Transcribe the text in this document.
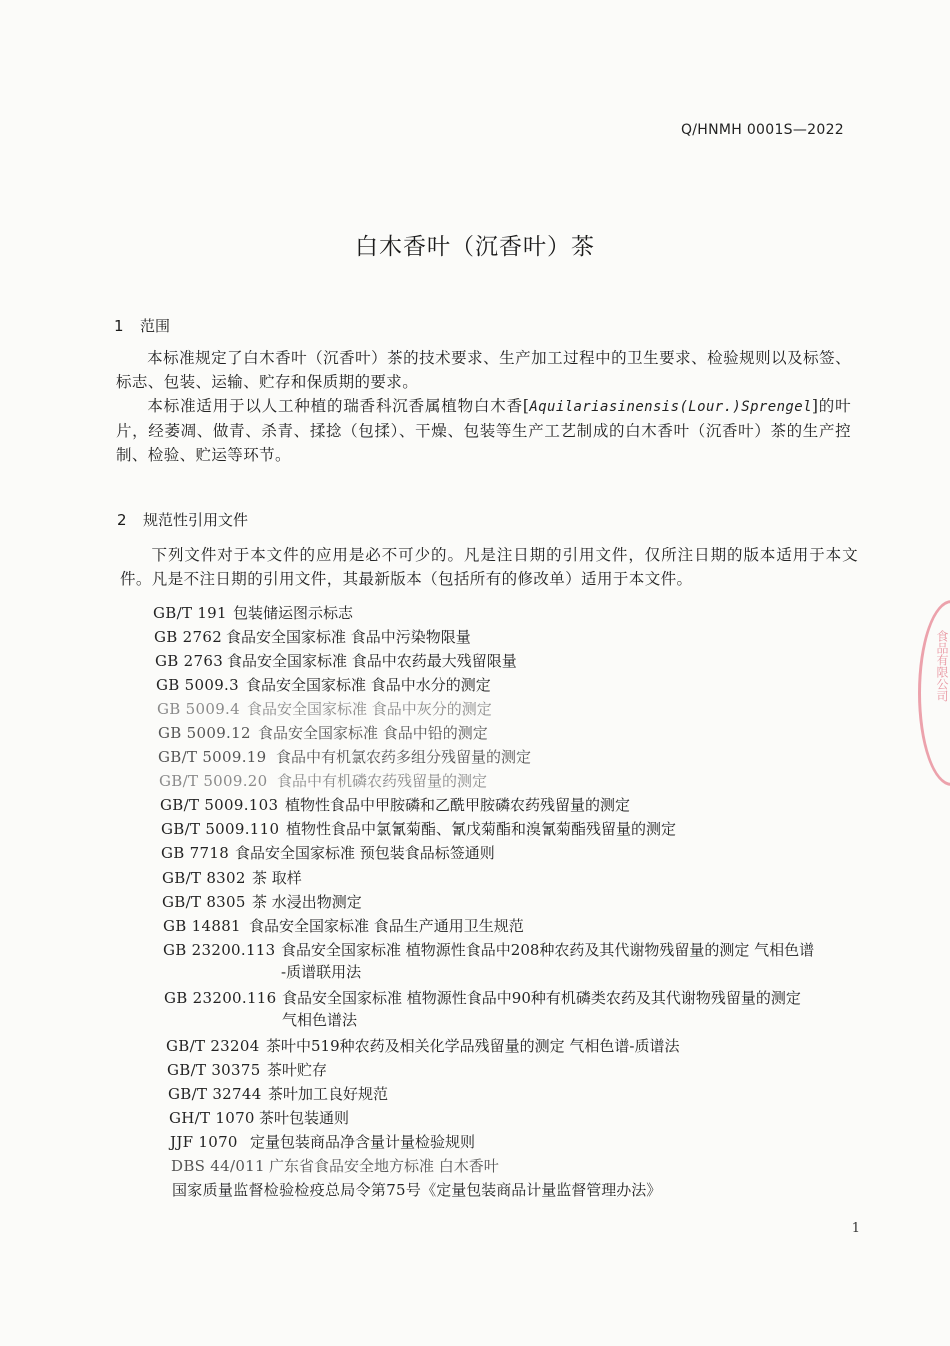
Q/HNMH 0001S—2022
白木香叶（沉香叶）茶
1 范围
本标准规定了白木香叶（沉香叶）茶的技术要求、生产加工过程中的卫生要求、检验规则以及标签、标志、包装、运输、贮存和保质期的要求。
本标准适用于以人工种植的瑞香科沉香属植物白木香[Aquilariasinensis(Lour.)Sprengel]的叶片，经萎凋、做青、杀青、揉捻（包揉）、干燥、包装等生产工艺制成的白木香叶（沉香叶）茶的生产控制、检验、贮运等环节。
2 规范性引用文件
下列文件对于本文件的应用是必不可少的。凡是注日期的引用文件，仅所注日期的版本适用于本文件。凡是不注日期的引用文件，其最新版本（包括所有的修改单）适用于本文件。
GB/T 191 包装储运图示标志
GB 2762 食品安全国家标准 食品中污染物限量
GB 2763 食品安全国家标准 食品中农药最大残留限量
GB 5009.3 食品安全国家标准 食品中水分的测定
GB 5009.4 食品安全国家标准 食品中灰分的测定
GB 5009.12 食品安全国家标准 食品中铅的测定
GB/T 5009.19 食品中有机氯农药多组分残留量的测定
GB/T 5009.20 食品中有机磷农药残留量的测定
GB/T 5009.103 植物性食品中甲胺磷和乙酰甲胺磷农药残留量的测定
GB/T 5009.110 植物性食品中氯氰菊酯、氰戊菊酯和溴氰菊酯残留量的测定
GB 7718 食品安全国家标准 预包装食品标签通则
GB/T 8302 茶 取样
GB/T 8305 茶 水浸出物测定
GB 14881 食品安全国家标准 食品生产通用卫生规范
GB 23200.113 食品安全国家标准 植物源性食品中208种农药及其代谢物残留量的测定 气相色谱
-质谱联用法
GB 23200.116 食品安全国家标准 植物源性食品中90种有机磷类农药及其代谢物残留量的测定
气相色谱法
GB/T 23204 茶叶中519种农药及相关化学品残留量的测定 气相色谱-质谱法
GB/T 30375 茶叶贮存
GB/T 32744 茶叶加工良好规范
GH/T 1070 茶叶包装通则
JJF 1070 定量包装商品净含量计量检验规则
DBS 44/011 广东省食品安全地方标准 白木香叶
国家质量监督检验检疫总局令第75号《定量包装商品计量监督管理办法》
1
食品有限公司
